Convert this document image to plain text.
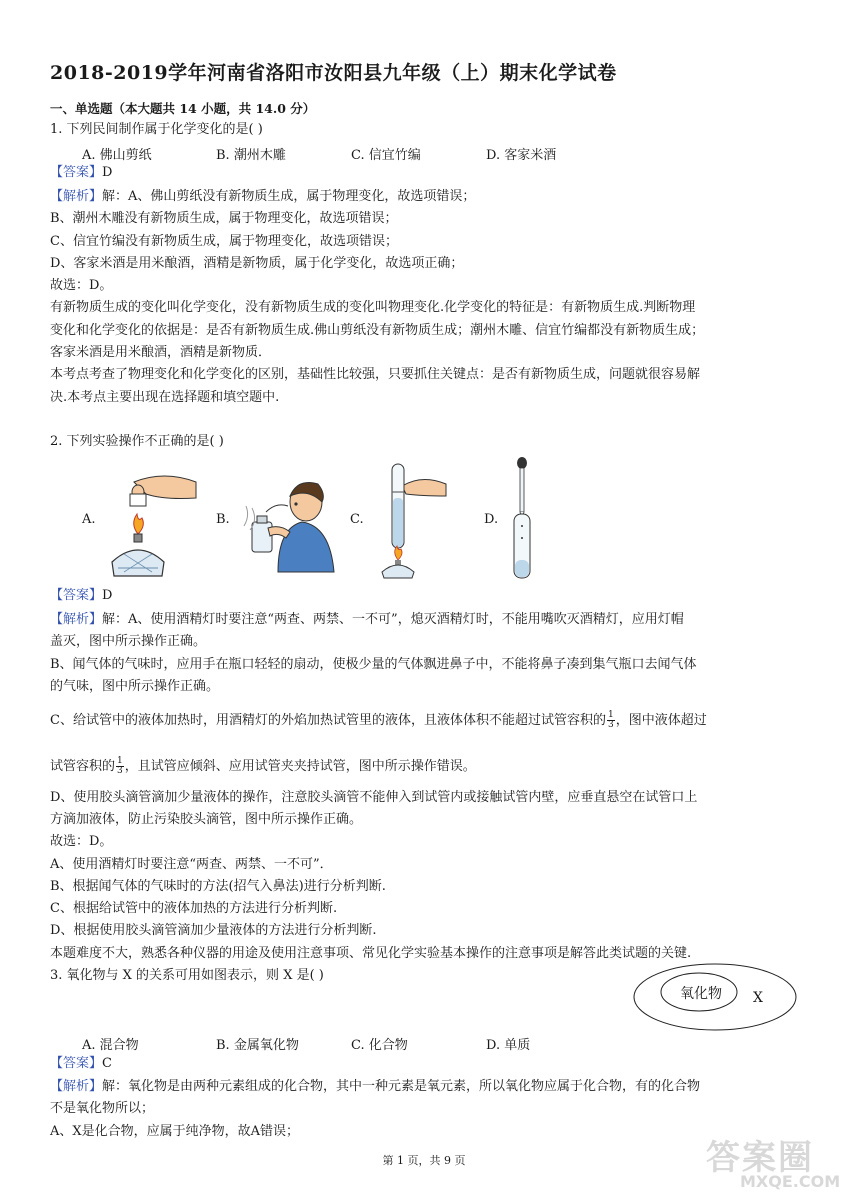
2018-2019学年河南省洛阳市汝阳县九年级（上）期末化学试卷
一、单选题（本大题共 14 小题，共 14.0 分）
1. 下列民间制作属于化学变化的是( )
A. 佛山剪纸	B. 潮州木雕	C. 信宜竹编	D. 客家米酒
【答案】D
【解析】解：A、佛山剪纸没有新物质生成，属于物理变化，故选项错误；
B、潮州木雕没有新物质生成，属于物理变化，故选项错误；
C、信宜竹编没有新物质生成，属于物理变化，故选项错误；
D、客家米酒是用米酿酒，酒精是新物质，属于化学变化，故选项正确；
故选：D。
有新物质生成的变化叫化学变化，没有新物质生成的变化叫物理变化.化学变化的特征是：有新物质生成.判断物理
变化和化学变化的依据是：是否有新物质生成.佛山剪纸没有新物质生成；潮州木雕、信宜竹编都没有新物质生成；
客家米酒是用米酿酒，酒精是新物质．
本考点考查了物理变化和化学变化的区别，基础性比较强，只要抓住关键点：是否有新物质生成，问题就很容易解
决.本考点主要出现在选择题和填空题中.
2. 下列实验操作不正确的是( )
A.	B.	C.	D.
【答案】D
【解析】解：A、使用酒精灯时要注意“两查、两禁、一不可”，熄灭酒精灯时，不能用嘴吹灭酒精灯，应用灯帽
盖灭，图中所示操作正确。
B、闻气体的气味时，应用手在瓶口轻轻的扇动，使极少量的气体飘进鼻子中，不能将鼻子凑到集气瓶口去闻气体
的气味，图中所示操作正确。
C、给试管中的液体加热时，用酒精灯的外焰加热试管里的液体，且液体体积不能超过试管容积的 $\frac{1}{3}$ ，图中液体超过
试管容积的 $\frac{1}{3}$ ，且试管应倾斜、应用试管夹夹持试管，图中所示操作错误。
D、使用胶头滴管滴加少量液体的操作，注意胶头滴管不能伸入到试管内或接触试管内壁，应垂直悬空在试管口上
方滴加液体，防止污染胶头滴管，图中所示操作正确。
故选：D。
A、使用酒精灯时要注意“两查、两禁、一不可”．
B、根据闻气体的气味时的方法(招气入鼻法)进行分析判断.
C、根据给试管中的液体加热的方法进行分析判断.
D、根据使用胶头滴管滴加少量液体的方法进行分析判断.
本题难度不大，熟悉各种仪器的用途及使用注意事项、常见化学实验基本操作的注意事项是解答此类试题的关键.
3. 氧化物与 X 的关系可用如图表示，则 X 是( )
氧化物 X
A. 混合物	B. 金属氧化物	C. 化合物	D. 单质
【答案】C
【解析】解：氧化物是由两种元素组成的化合物，其中一种元素是氧元素，所以氧化物应属于化合物，有的化合物
不是氧化物所以；
A、X是化合物，应属于纯净物，故A错误；
第 1 页，共 9 页	答案圈
MXQE.COM
